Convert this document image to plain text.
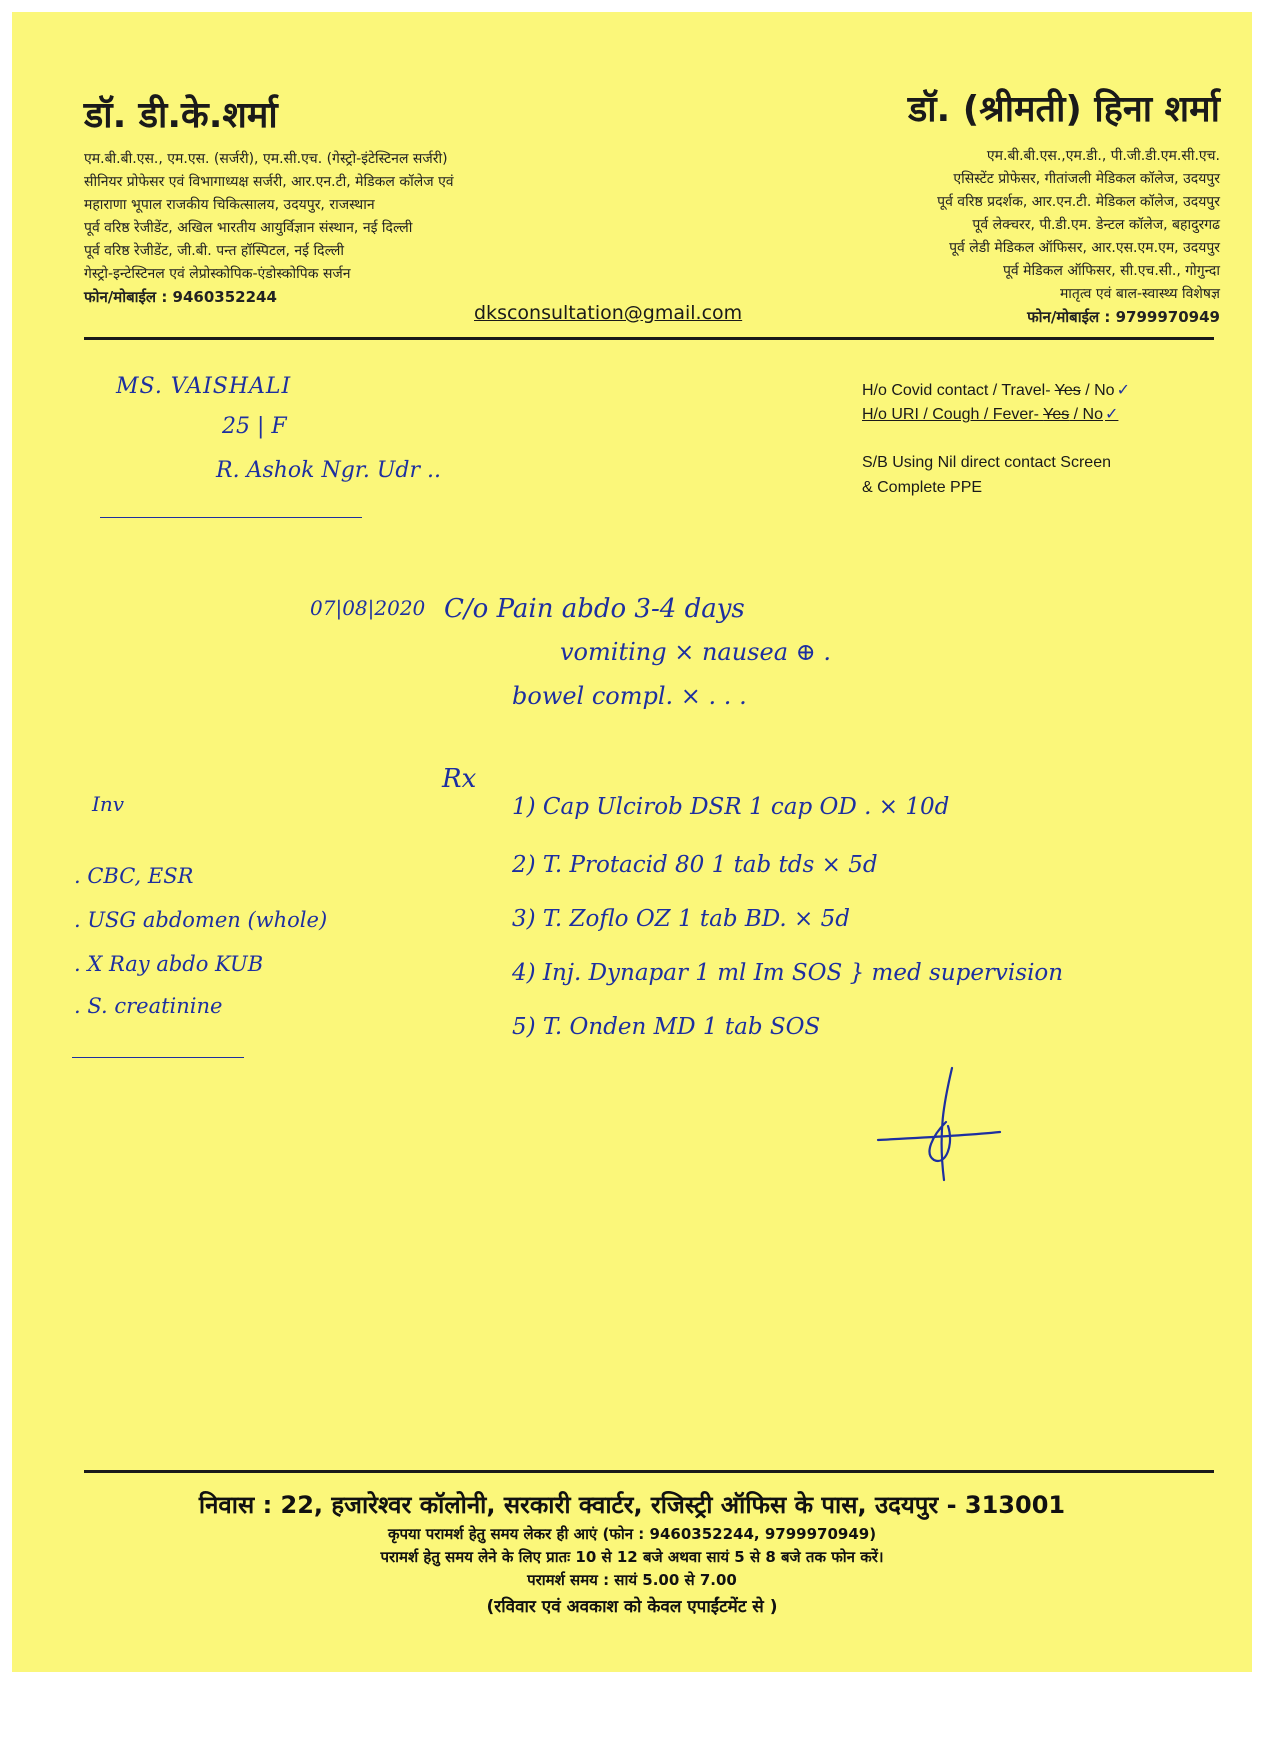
डॉ. डी.के.शर्मा
एम.बी.बी.एस., एम.एस. (सर्जरी), एम.सी.एच. (गेस्ट्रो-इंटेस्टिनल सर्जरी)
सीनियर प्रोफेसर एवं विभागाध्यक्ष सर्जरी, आर.एन.टी, मेडिकल कॉलेज एवं
महाराणा भूपाल राजकीय चिकित्सालय, उदयपुर, राजस्थान
पूर्व वरिष्ठ रेजीडेंट, अखिल भारतीय आयुर्विज्ञान संस्थान, नई दिल्ली
पूर्व वरिष्ठ रेजीडेंट, जी.बी. पन्त हॉस्पिटल, नई दिल्ली
गेस्ट्रो-इन्टेस्टिनल एवं लेप्रोस्कोपिक-एंडोस्कोपिक सर्जन
फोन/मोबाईल : 9460352244
डॉ. (श्रीमती) हिना शर्मा
एम.बी.बी.एस.,एम.डी., पी.जी.डी.एम.सी.एच.
एसिस्टेंट प्रोफेसर, गीतांजली मेडिकल कॉलेज, उदयपुर
पूर्व वरिष्ठ प्रदर्शक, आर.एन.टी. मेडिकल कॉलेज, उदयपुर
पूर्व लेक्चरर, पी.डी.एम. डेन्टल कॉलेज, बहादुरगढ
पूर्व लेडी मेडिकल ऑफिसर, आर.एस.एम.एम, उदयपुर
पूर्व मेडिकल ऑफिसर, सी.एच.सी., गोगुन्दा
मातृत्व एवं बाल-स्वास्थ्य विशेषज्ञ
फोन/मोबाईल : 9799970949
dksconsultation@gmail.com
MS. VAISHALI
25 | F
R. Ashok Ngr. Udr ..
H/o Covid contact / Travel- Yes / No ✓
H/o URI / Cough / Fever- Yes / No ✓
S/B Using Nil direct contact Screen
& Complete PPE
07|08|2020 C/o Pain abdo 3-4 days
vomiting × nausea ⊕ .
bowel compl. × . . .
Inv
. CBC, ESR
. USG abdomen (whole)
. X Ray abdo KUB
. S. creatinine
Rx
1) Cap Ulcirob DSR 1 cap OD . × 10d
2) T. Protacid 80 1 tab tds × 5d
3) T. Zoflo OZ 1 tab BD. × 5d
4) Inj. Dynapar 1 ml Im SOS } med supervision
5) T. Onden MD 1 tab SOS
निवास : 22, हजारेश्वर कॉलोनी, सरकारी क्वार्टर, रजिस्ट्री ऑफिस के पास, उदयपुर - 313001
कृपया परामर्श हेतु समय लेकर ही आएं (फोन : 9460352244, 9799970949)
परामर्श हेतु समय लेने के लिए प्रातः 10 से 12 बजे अथवा सायं 5 से 8 बजे तक फोन करें।
परामर्श समय : सायं 5.00 से 7.00
(रविवार एवं अवकाश को केवल एपाईंटमेंट से )
